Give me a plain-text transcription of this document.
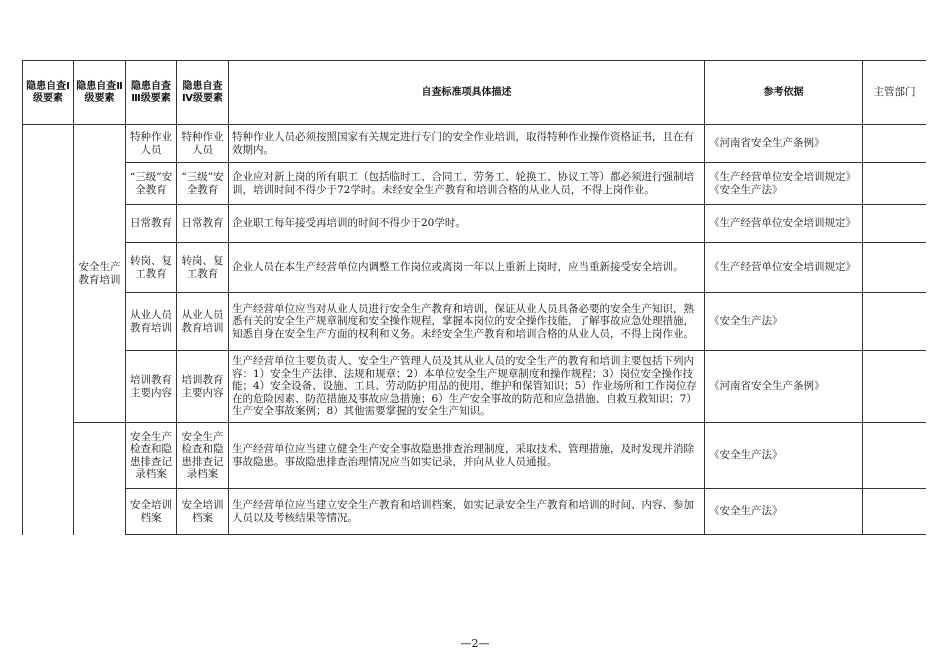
隐患自查Ⅰ级要素	隐患自查Ⅱ级要素	隐患自查Ⅲ级要素	隐患自查Ⅳ级要素	自查标准项具体描述	参考依据	主管部门
	安全生产教育培训	特种作业人员	特种作业人员	特种作业人员必须按照国家有关规定进行专门的安全作业培训，取得特种作业操作资格证书，且在有效期内。	《河南省安全生产条例》	
		“三级”安全教育	“三级”安全教育	企业应对新上岗的所有职工（包括临时工、合同工、劳务工、轮换工、协议工等）都必须进行强制培训，培训时间不得少于72学时。未经安全生产教育和培训合格的从业人员，不得上岗作业。	《生产经营单位安全培训规定》《安全生产法》	
		日常教育	日常教育	企业职工每年接受再培训的时间不得少于20学时。	《生产经营单位安全培训规定》	
		转岗、复工教育	转岗、复工教育	企业人员在本生产经营单位内调整工作岗位或离岗一年以上重新上岗时，应当重新接受安全培训。	《生产经营单位安全培训规定》	
		从业人员教育培训	从业人员教育培训	生产经营单位应当对从业人员进行安全生产教育和培训，保证从业人员具备必要的安全生产知识，熟悉有关的安全生产规章制度和安全操作规程，掌握本岗位的安全操作技能，了解事故应急处理措施，知悉自身在安全生产方面的权利和义务。未经安全生产教育和培训合格的从业人员，不得上岗作业。	《安全生产法》	
		培训教育主要内容	培训教育主要内容	生产经营单位主要负责人、安全生产管理人员及其从业人员的安全生产的教育和培训主要包括下列内容：1）安全生产法律、法规和规章；2）本单位安全生产规章制度和操作规程；3）岗位安全操作技能；4）安全设备、设施、工具、劳动防护用品的使用、维护和保管知识；5）作业场所和工作岗位存在的危险因素、防范措施及事故应急措施；6）生产安全事故的防范和应急措施、自救互救知识；7）生产安全事故案例；8）其他需要掌握的安全生产知识。	《河南省安全生产条例》	
		安全生产检查和隐患排查记录档案	安全生产检查和隐患排查记录档案	生产经营单位应当建立健全生产安全事故隐患排查治理制度，采取技术、管理措施，及时发现并消除事故隐患。事故隐患排查治理情况应当如实记录，并向从业人员通报。	《安全生产法》	
		安全培训档案	安全培训档案	生产经营单位应当建立安全生产教育和培训档案，如实记录安全生产教育和培训的时间、内容、参加人员以及考核结果等情况。	《安全生产法》	

—2—
